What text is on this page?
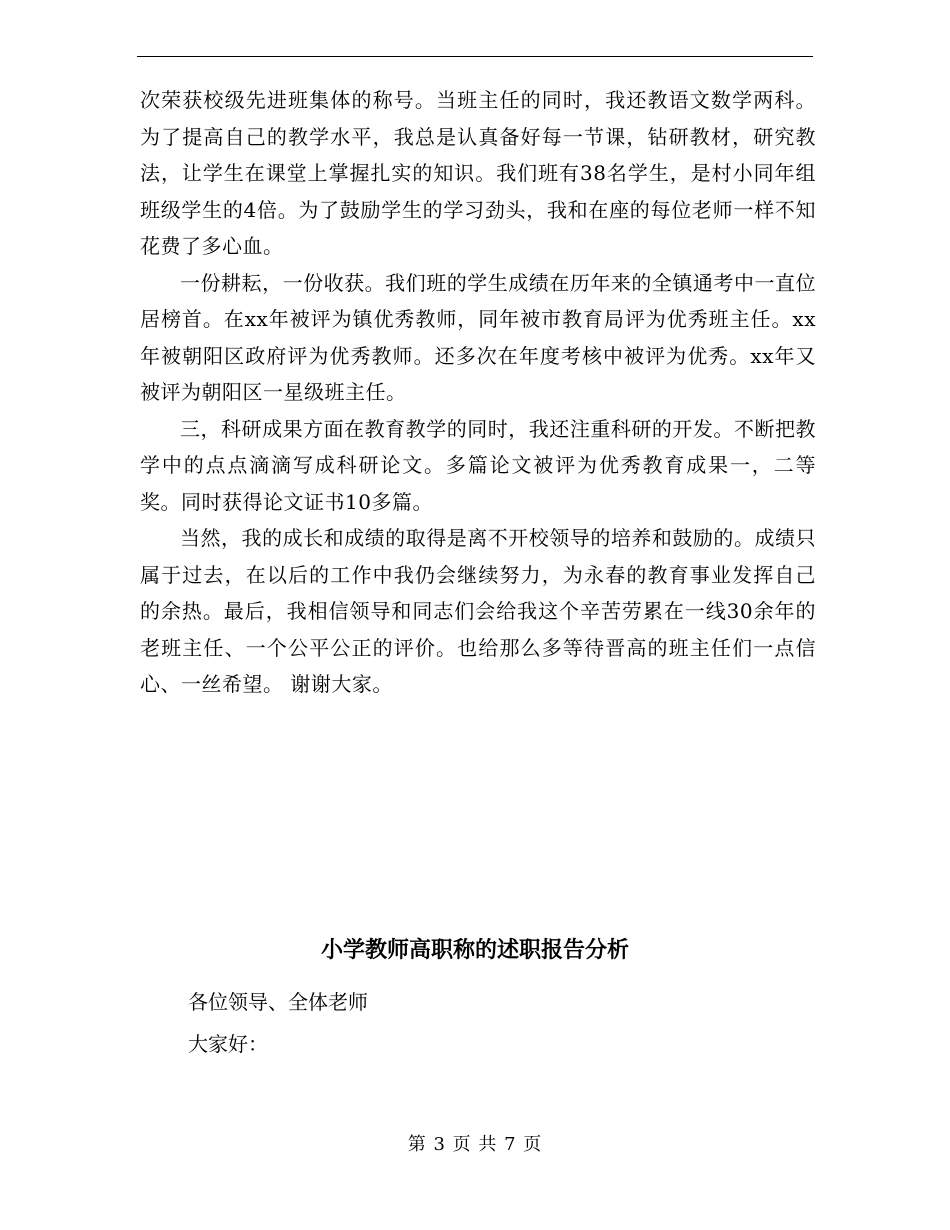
次荣获校级先进班集体的称号。当班主任的同时，我还教语文数学两科。为了提高自己的教学水平，我总是认真备好每一节课，钻研教材，研究教法，让学生在课堂上掌握扎实的知识。我们班有38名学生，是村小同年组班级学生的4倍。为了鼓励学生的学习劲头，我和在座的每位老师一样不知花费了多心血。

一份耕耘，一份收获。我们班的学生成绩在历年来的全镇通考中一直位居榜首。在xx年被评为镇优秀教师，同年被市教育局评为优秀班主任。xx年被朝阳区政府评为优秀教师。还多次在年度考核中被评为优秀。xx年又被评为朝阳区一星级班主任。

三，科研成果方面在教育教学的同时，我还注重科研的开发。不断把教学中的点点滴滴写成科研论文。多篇论文被评为优秀教育成果一，二等奖。同时获得论文证书10多篇。

当然，我的成长和成绩的取得是离不开校领导的培养和鼓励的。成绩只属于过去，在以后的工作中我仍会继续努力，为永春的教育事业发挥自己的余热。最后，我相信领导和同志们会给我这个辛苦劳累在一线30余年的老班主任、一个公平公正的评价。也给那么多等待晋高的班主任们一点信心、一丝希望。 谢谢大家。

小学教师高职称的述职报告分析

各位领导、全体老师

大家好：

第 3 页 共 7 页
